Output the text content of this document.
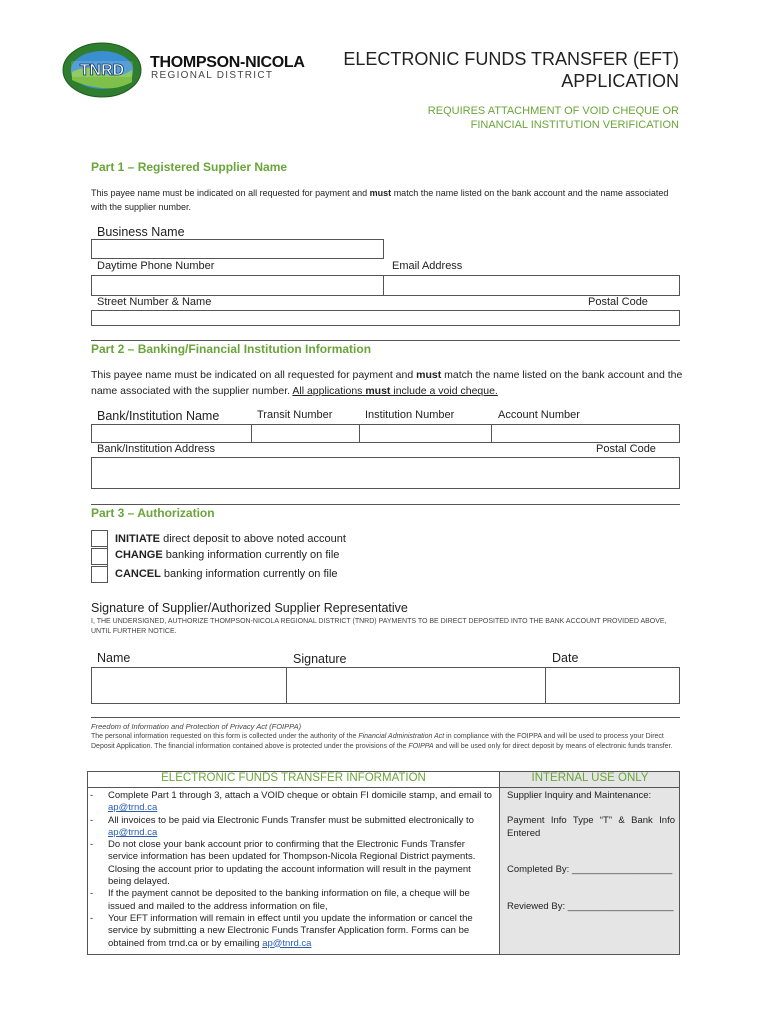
TNRD THOMPSON-NICOLA
REGIONAL DISTRICT
ELECTRONIC FUNDS TRANSFER (EFT)
APPLICATION
REQUIRES ATTACHMENT OF VOID CHEQUE OR
FINANCIAL INSTITUTION VERIFICATION
Part 1 – Registered Supplier Name
This payee name must be indicated on all requested for payment and must match the name listed on the bank account and the name associated with the supplier number.
Business Name
Daytime Phone Number	Email Address
Street Number & Name	Postal Code
Part 2 – Banking/Financial Institution Information
This payee name must be indicated on all requested for payment and must match the name listed on the bank account and the name associated with the supplier number. All applications must include a void cheque.
Bank/Institution Name	Transit Number	Institution Number	Account Number
Bank/Institution Address	Postal Code
Part 3 – Authorization
INITIATE direct deposit to above noted account
CHANGE banking information currently on file
CANCEL banking information currently on file
Signature of Supplier/Authorized Supplier Representative
I, THE UNDERSIGNED, AUTHORIZE THOMPSON-NICOLA REGIONAL DISTRICT (TNRD) PAYMENTS TO BE DIRECT DEPOSITED INTO THE BANK ACCOUNT PROVIDED ABOVE, UNTIL FURTHER NOTICE.
Name	Signature	Date
Freedom of Information and Protection of Privacy Act (FOIPPA)
The personal information requested on this form is collected under the authority of the Financial Administration Act in compliance with the FOIPPA and will be used to process your Direct Deposit Application. The financial information contained above is protected under the provisions of the FOIPPA and will be used only for direct deposit by means of electronic funds transfer.
ELECTRONIC FUNDS TRANSFER INFORMATION	INTERNAL USE ONLY
- Complete Part 1 through 3, attach a VOID cheque or obtain FI domicile stamp, and email to ap@trnd.ca
- All invoices to be paid via Electronic Funds Transfer must be submitted electronically to ap@trnd.ca
- Do not close your bank account prior to confirming that the Electronic Funds Transfer service information has been updated for Thompson-Nicola Regional District payments. Closing the account prior to updating the account information will result in the payment being delayed.
- If the payment cannot be deposited to the banking information on file, a cheque will be issued and mailed to the address information on file,
- Your EFT information will remain in effect until you update the information or cancel the service by submitting a new Electronic Funds Transfer Application form. Forms can be obtained from trnd.ca or by emailing ap@tnrd.ca
Supplier Inquiry and Maintenance:
Payment Info Type “T” & Bank Info Entered
Completed By: ___________________
Reviewed By: ____________________
